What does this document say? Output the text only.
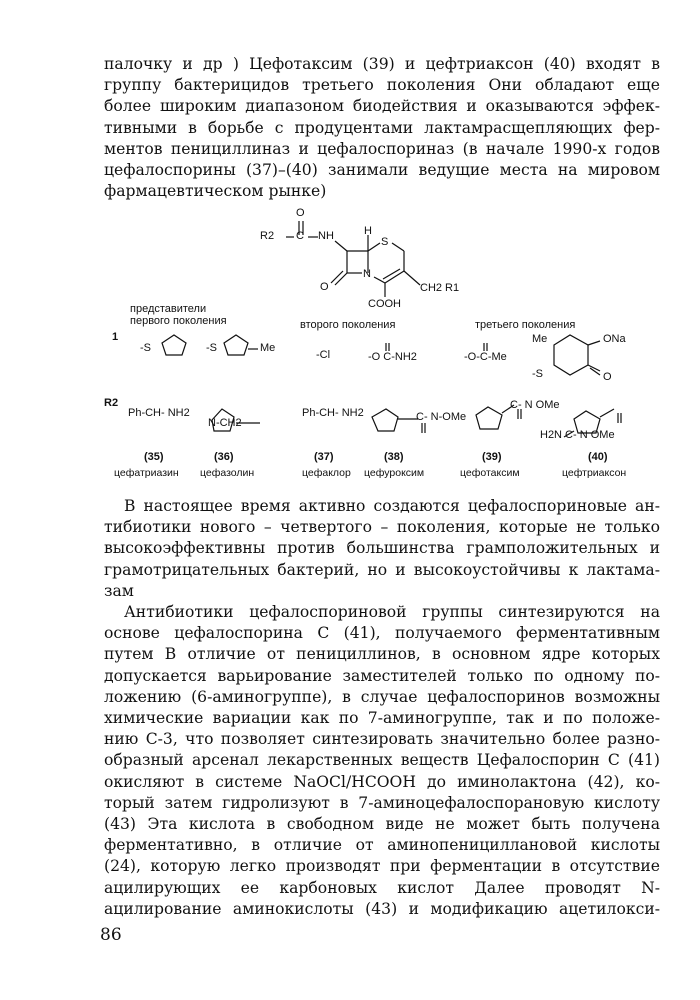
палочку и др ) Цефотаксим (39) и цефтриаксон (40) входят в
группу бактерицидов третьего поколения Они обладают еще
более широким диапазоном биодействия и оказываются эффек-
тивными в борьбе с продуцентами лактамрасщепляющих фер-
ментов пенициллиназ и цефалоспориназ (в начале 1990-х годов
цефалоспорины (37)–(40) занимали ведущие места на мировом
фармацевтическом рынке)
R2 C NH
O
H
S
N
O
COOH
CH2 R1
представители
первого поколения	второго поколения	третьего поколения
1
-S	-S	Me
-Cl	-O C-NH2	-O-C-Me
Me
-S
ONa
O
R2
Ph-CH- NH2
N-CH2-
Ph-CH- NH2	C- N-OMe
C- N OMe
H2N C- N OMe
(35)
цефатриазин
(36)
цефазолин
(37)
цефаклор
(38)
цефуроксим
(39)
цефотаксим
(40)
цефтриаксон
В настоящее время активно создаются цефалоспориновые ан-
тибиотики нового – четвертого – поколения, которые не только
высокоэффективны против большинства грамположительных и
грамотрицательных бактерий, но и высокоустойчивы к лактама-
зам
Антибиотики цефалоспориновой группы синтезируются на
основе цефалоспорина С (41), получаемого ферментативным
путем В отличие от пенициллинов, в основном ядре которых
допускается варьирование заместителей только по одному по-
ложению (6-аминогруппе), в случае цефалоспоринов возможны
химические вариации как по 7-аминогруппе, так и по положе-
нию С-3, что позволяет синтезировать значительно более разно-
образный арсенал лекарственных веществ Цефалоспорин С (41)
окисляют в системе NaOCl/HCOOH до иминолактона (42), ко-
торый затем гидролизуют в 7-аминоцефалоспорановую кислоту
(43) Эта кислота в свободном виде не может быть получена
ферментативно, в отличие от аминопенициллановой кислоты
(24), которую легко производят при ферментации в отсутствие
ацилирующих ее карбоновых кислот Далее проводят N-
ацилирование аминокислоты (43) и модификацию ацетилокси-
86
